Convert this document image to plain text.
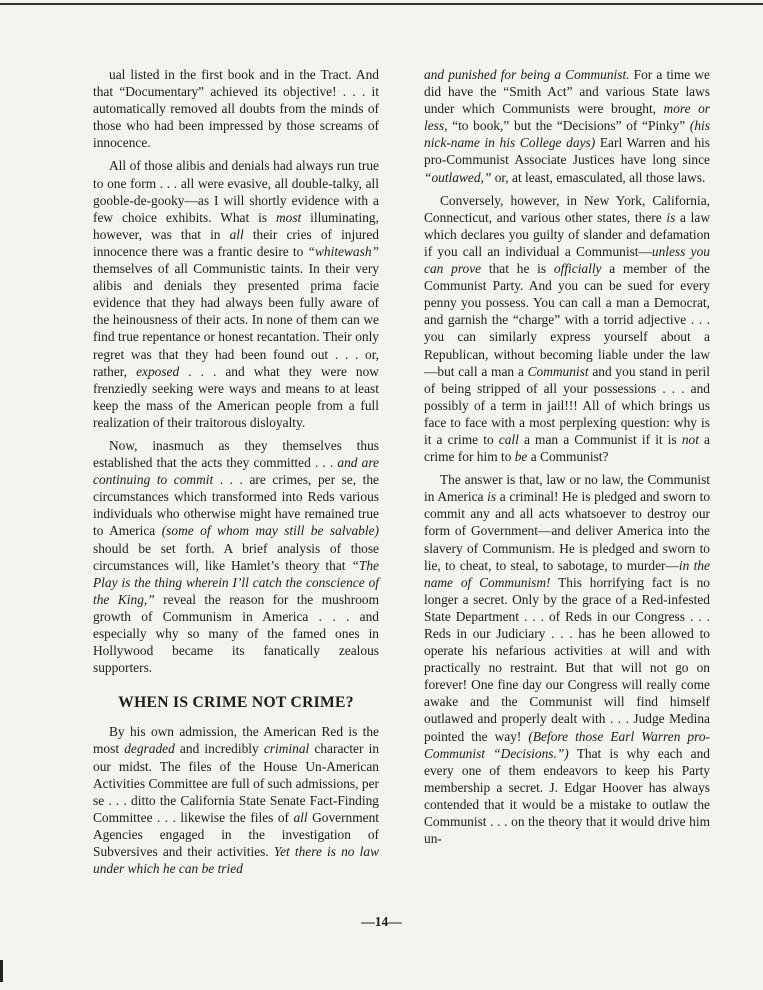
ual listed in the first book and in the Tract. And that “Documentary” achieved its objective! . . . it automatically removed all doubts from the minds of those who had been impressed by those screams of innocence.

All of those alibis and denials had always run true to one form . . . all were evasive, all double-talky, all gooble-de-gooky—as I will shortly evidence with a few choice exhibits. What is most illuminating, however, was that in all their cries of injured innocence there was a frantic desire to “whitewash” themselves of all Communistic taints. In their very alibis and denials they presented prima facie evidence that they had always been fully aware of the heinousness of their acts. In none of them can we find true repentance or honest recantation. Their only regret was that they had been found out . . . or, rather, exposed . . . and what they were now frenziedly seeking were ways and means to at least keep the mass of the American people from a full realization of their traitorous disloyalty.

Now, inasmuch as they themselves thus established that the acts they committed . . . and are continuing to commit . . . are crimes, per se, the circumstances which transformed into Reds various individuals who otherwise might have remained true to America (some of whom may still be salvable) should be set forth. A brief analysis of those circumstances will, like Hamlet’s theory that “The Play is the thing wherein I’ll catch the conscience of the King,” reveal the reason for the mushroom growth of Communism in America . . . and especially why so many of the famed ones in Hollywood became its fanatically zealous supporters.

WHEN IS CRIME NOT CRIME?

By his own admission, the American Red is the most degraded and incredibly criminal character in our midst. The files of the House Un-American Activities Committee are full of such admissions, per se . . . ditto the California State Senate Fact-Finding Committee . . . likewise the files of all Government Agencies engaged in the investigation of Subversives and their activities. Yet there is no law under which he can be tried

and punished for being a Communist. For a time we did have the “Smith Act” and various State laws under which Communists were brought, more or less, “to book,” but the “Decisions” of “Pinky” (his nick-name in his College days) Earl Warren and his pro-Communist Associate Justices have long since “outlawed,” or, at least, emasculated, all those laws.

Conversely, however, in New York, California, Connecticut, and various other states, there is a law which declares you guilty of slander and defamation if you call an individual a Communist—unless you can prove that he is officially a member of the Communist Party. And you can be sued for every penny you possess. You can call a man a Democrat, and garnish the “charge” with a torrid adjective . . . you can similarly express yourself about a Republican, without becoming liable under the law—but call a man a Communist and you stand in peril of being stripped of all your possessions . . . and possibly of a term in jail!!! All of which brings us face to face with a most perplexing question: why is it a crime to call a man a Communist if it is not a crime for him to be a Communist?

The answer is that, law or no law, the Communist in America is a criminal! He is pledged and sworn to commit any and all acts whatsoever to destroy our form of Government—and deliver America into the slavery of Communism. He is pledged and sworn to lie, to cheat, to steal, to sabotage, to murder—in the name of Communism! This horrifying fact is no longer a secret. Only by the grace of a Red-infested State Department . . . of Reds in our Congress . . . Reds in our Judiciary . . . has he been allowed to operate his nefarious activities at will and with practically no restraint. But that will not go on forever! One fine day our Congress will really come awake and the Communist will find himself outlawed and properly dealt with . . . Judge Medina pointed the way! (Before those Earl Warren pro-Communist “Decisions.”) That is why each and every one of them endeavors to keep his Party membership a secret. J. Edgar Hoover has always contended that it would be a mistake to outlaw the Communist . . . on the theory that it would drive him un-

—14—
